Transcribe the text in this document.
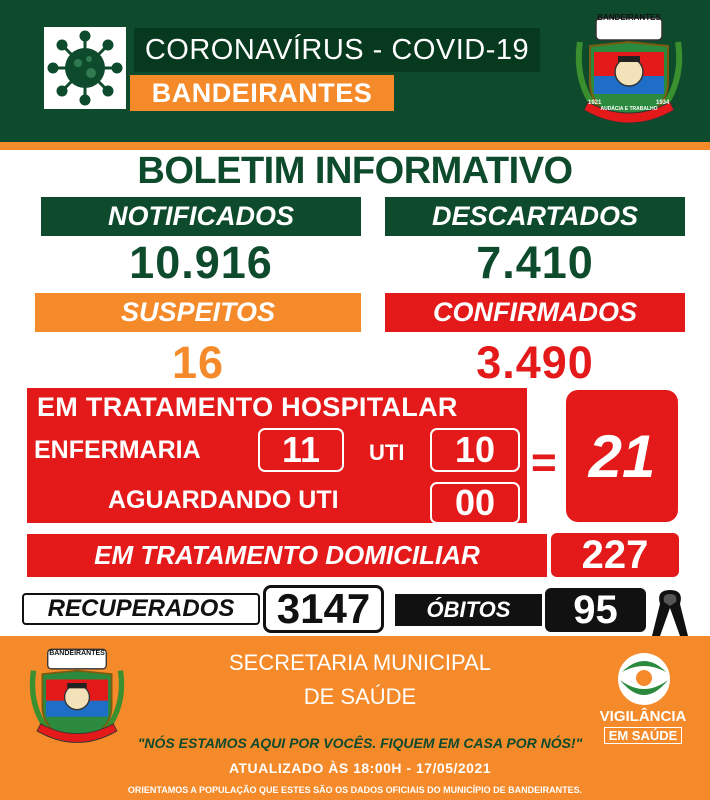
CORONAVÍRUS - COVID-19
BANDEIRANTES
BANDEIRANTES
AUDÁCIA E TRABALHO
1921	1934
BOLETIM INFORMATIVO
NOTIFICADOS	DESCARTADOS
10.916	7.410
SUSPEITOS	CONFIRMADOS
16	3.490
EM TRATAMENTO HOSPITALAR
ENFERMARIA	11	UTI	10
AGUARDANDO UTI	00
= 21
EM TRATAMENTO DOMICILIAR	227
RECUPERADOS	3147	ÓBITOS	95
BANDEIRANTES	SECRETARIA MUNICIPAL
DE SAÚDE
VIGILÂNCIA
EM SAÚDE
"NÓS ESTAMOS AQUI POR VOCÊS. FIQUEM EM CASA POR NÓS!"
ATUALIZADO ÀS 18:00H - 17/05/2021
ORIENTAMOS A POPULAÇÃO QUE ESTES SÃO OS DADOS OFICIAIS DO MUNICÍPIO DE BANDEIRANTES.
